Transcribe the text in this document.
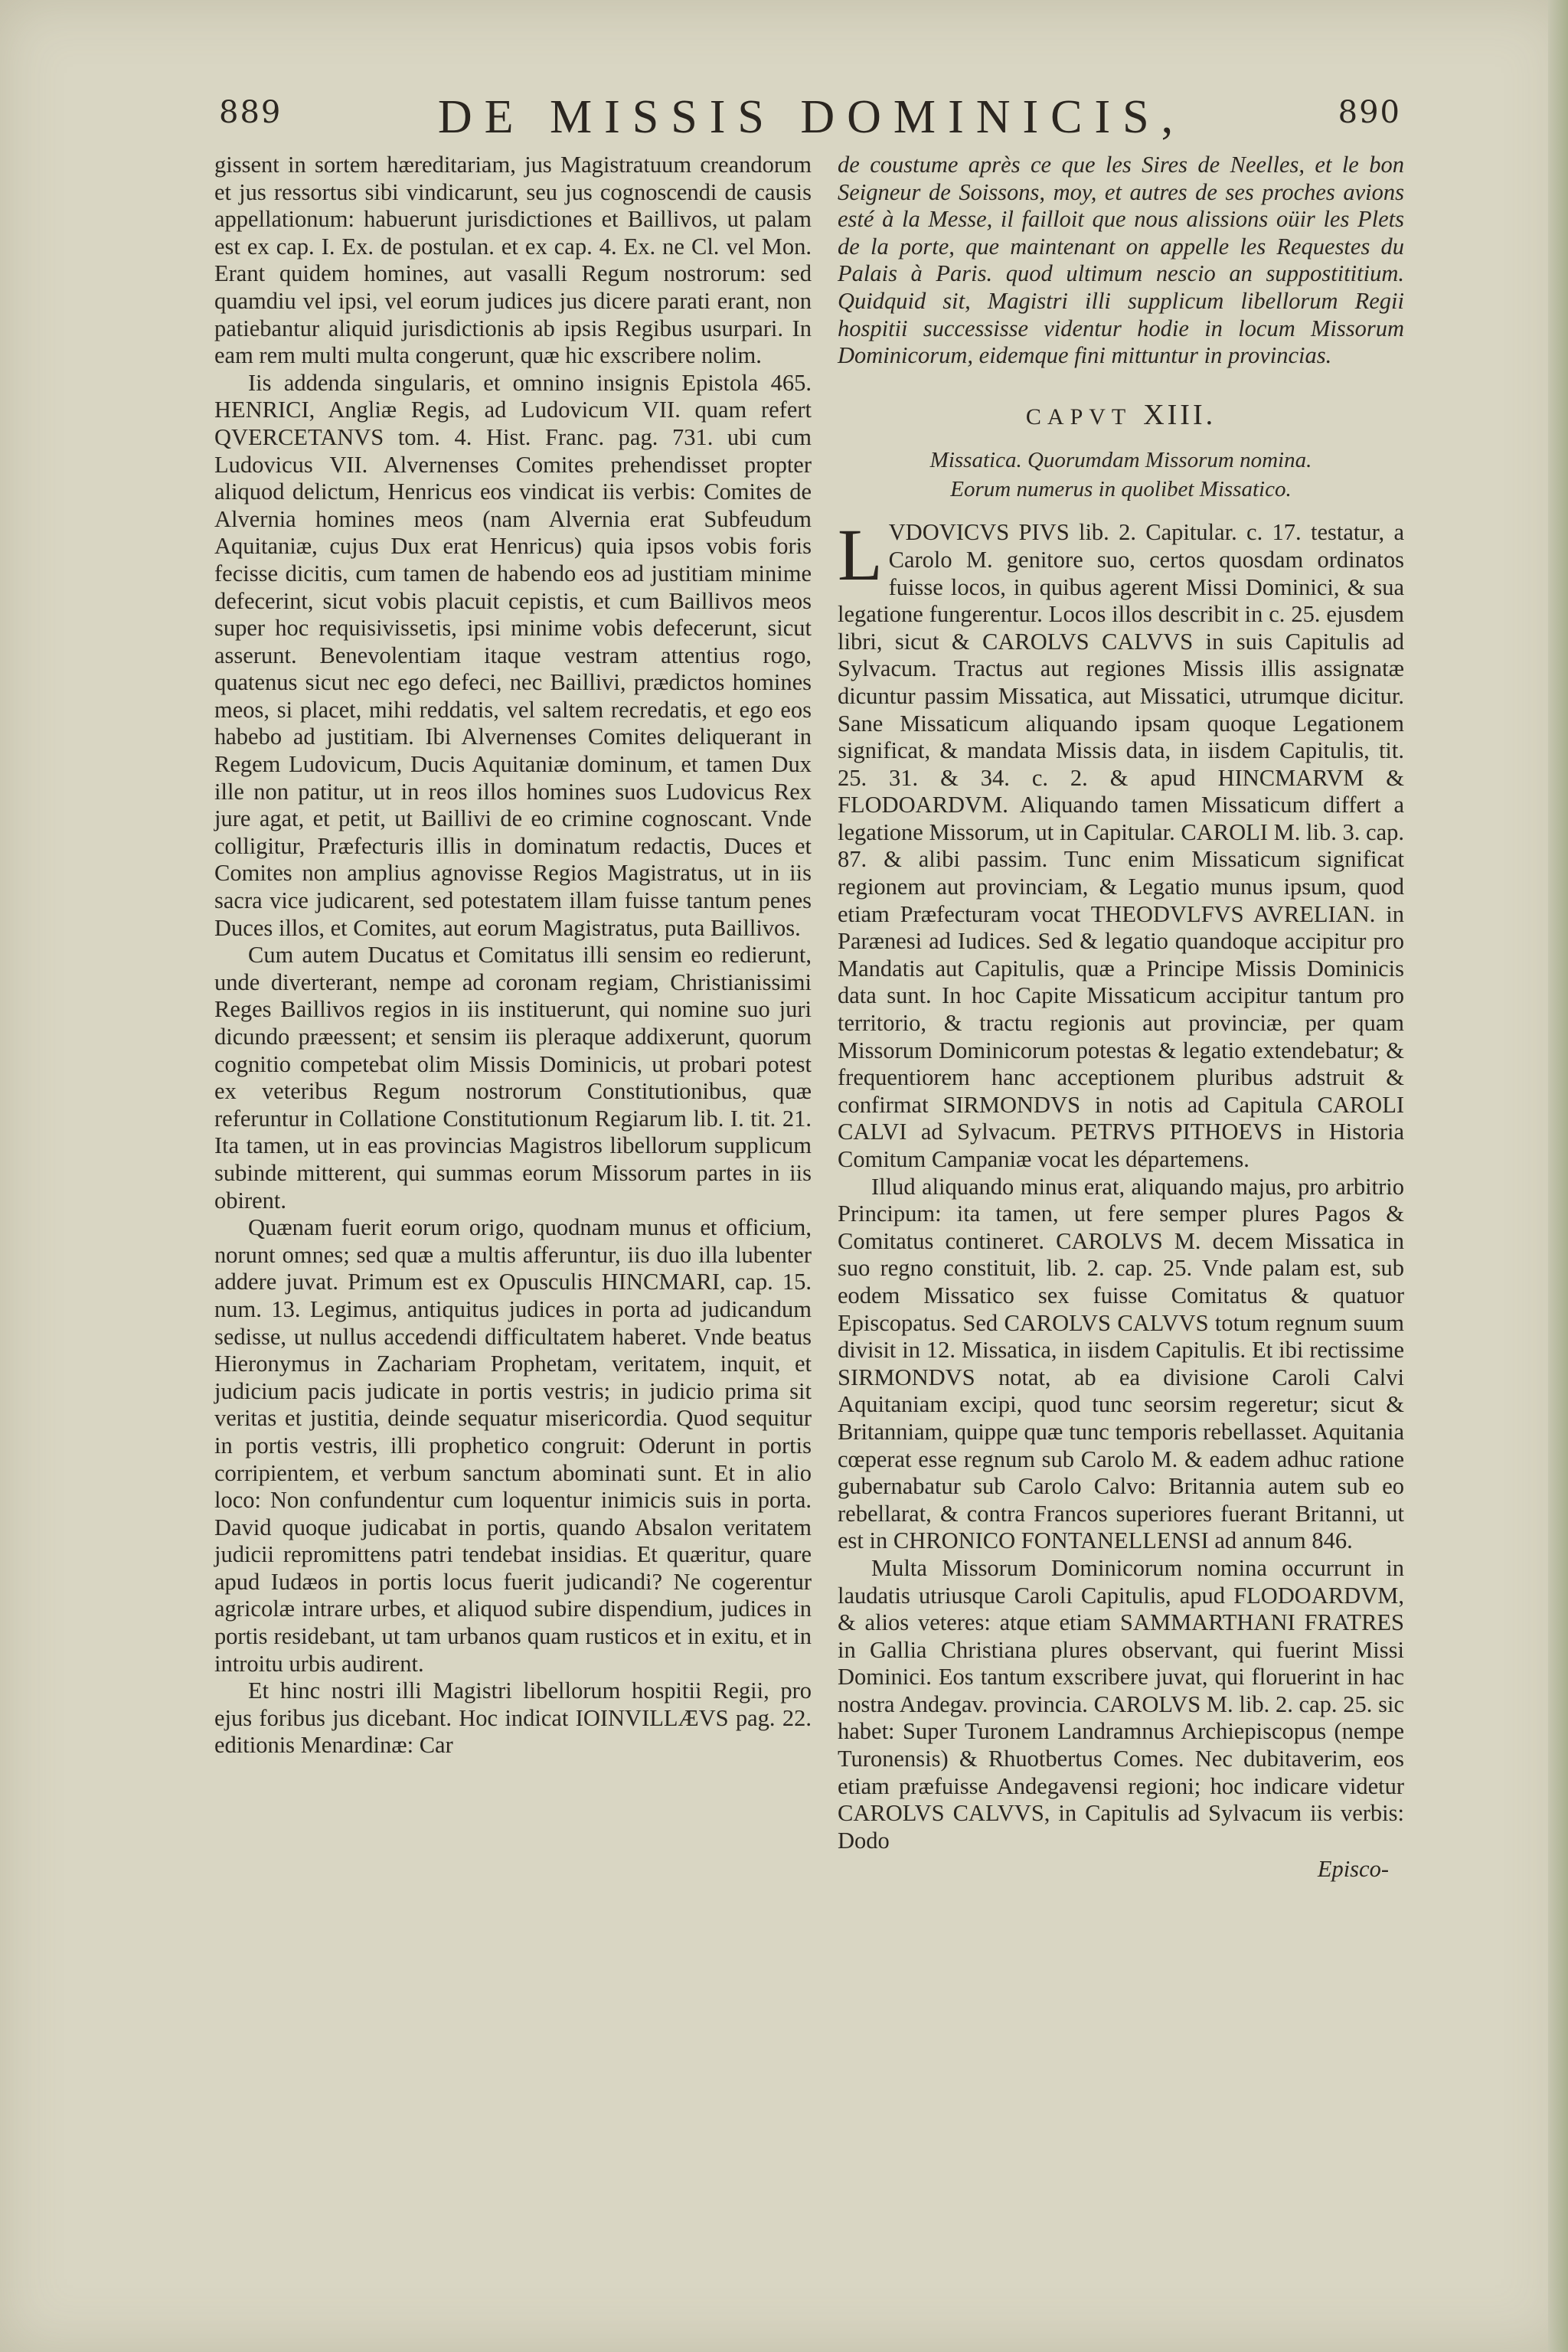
889	DE MISSIS DOMINICIS,	890

gissent in sortem hæreditariam, jus Magistratuum creandorum et jus ressortus sibi vindicarunt, seu jus cognoscendi de causis appellationum: habuerunt jurisdictiones et Baillivos, ut palam est ex cap. I. Ex. de postulan. et ex cap. 4. Ex. ne Cl. vel Mon. Erant quidem homines, aut vasalli Regum nostrorum: sed quamdiu vel ipsi, vel eorum judices jus dicere parati erant, non patiebantur aliquid jurisdictionis ab ipsis Regibus usurpari. In eam rem multi multa congerunt, quæ hic exscribere nolim.

Iis addenda singularis, et omnino insignis Epistola 465. HENRICI, Angliæ Regis, ad Ludovicum VII. quam refert QVERCETANVS tom. 4. Hist. Franc. pag. 731. ubi cum Ludovicus VII. Alvernenses Comites prehendisset propter aliquod delictum, Henricus eos vindicat iis verbis: Comites de Alvernia homines meos (nam Alvernia erat Subfeudum Aquitaniæ, cujus Dux erat Henricus) quia ipsos vobis foris fecisse dicitis, cum tamen de habendo eos ad justitiam minime defecerint, sicut vobis placuit cepistis, et cum Baillivos meos super hoc requisivissetis, ipsi minime vobis defecerunt, sicut asserunt. Benevolentiam itaque vestram attentius rogo, quatenus sicut nec ego defeci, nec Baillivi, prædictos homines meos, si placet, mihi reddatis, vel saltem recredatis, et ego eos habebo ad justitiam. Ibi Alvernenses Comites deliquerant in Regem Ludovicum, Ducis Aquitaniæ dominum, et tamen Dux ille non patitur, ut in reos illos homines suos Ludovicus Rex jure agat, et petit, ut Baillivi de eo crimine cognoscant. Vnde colligitur, Præfecturis illis in dominatum redactis, Duces et Comites non amplius agnovisse Regios Magistratus, ut in iis sacra vice judicarent, sed potestatem illam fuisse tantum penes Duces illos, et Comites, aut eorum Magistratus, puta Baillivos.

Cum autem Ducatus et Comitatus illi sensim eo redierunt, unde diverterant, nempe ad coronam regiam, Christianissimi Reges Baillivos regios in iis instituerunt, qui nomine suo juri dicundo præessent; et sensim iis pleraque addixerunt, quorum cognitio competebat olim Missis Dominicis, ut probari potest ex veteribus Regum nostrorum Constitutionibus, quæ referuntur in Collatione Constitutionum Regiarum lib. I. tit. 21. Ita tamen, ut in eas provincias Magistros libellorum supplicum subinde mitterent, qui summas eorum Missorum partes in iis obirent.

Quænam fuerit eorum origo, quodnam munus et officium, norunt omnes; sed quæ a multis afferuntur, iis duo illa lubenter addere juvat. Primum est ex Opusculis HINCMARI, cap. 15. num. 13. Legimus, antiquitus judices in porta ad judicandum sedisse, ut nullus accedendi difficultatem haberet. Vnde beatus Hieronymus in Zachariam Prophetam, veritatem, inquit, et judicium pacis judicate in portis vestris; in judicio prima sit veritas et justitia, deinde sequatur misericordia. Quod sequitur in portis vestris, illi prophetico congruit: Oderunt in portis corripientem, et verbum sanctum abominati sunt. Et in alio loco: Non confundentur cum loquentur inimicis suis in porta. David quoque judicabat in portis, quando Absalon veritatem judicii repromittens patri tendebat insidias. Et quæritur, quare apud Iudæos in portis locus fuerit judicandi? Ne cogerentur agricolæ intrare urbes, et aliquod subire dispendium, judices in portis residebant, ut tam urbanos quam rusticos et in exitu, et in introitu urbis audirent.

Et hinc nostri illi Magistri libellorum hospitii Regii, pro ejus foribus jus dicebant. Hoc indicat IOINVILLÆVS pag. 22. editionis Menardinæ: Car

de coustume après ce que les Sires de Neelles, et le bon Seigneur de Soissons, moy, et autres de ses proches avions esté à la Messe, il failloit que nous alissions oüir les Plets de la porte, que maintenant on appelle les Requestes du Palais à Paris. quod ultimum nescio an suppostititium. Quidquid sit, Magistri illi supplicum libellorum Regii hospitii successisse videntur hodie in locum Missorum Dominicorum, eidemque fini mittuntur in provincias.

CAPVT XIII.
Missatica. Quorumdam Missorum nomina.
Eorum numerus in quolibet Missatico.

L VDOVICVS PIVS lib. 2. Capitular. c. 17. testatur, a Carolo M. genitore suo, certos quosdam ordinatos fuisse locos, in quibus agerent Missi Dominici, & sua legatione fungerentur. Locos illos describit in c. 25. ejusdem libri, sicut & CAROLVS CALVVS in suis Capitulis ad Sylvacum. Tractus aut regiones Missis illis assignatæ dicuntur passim Missatica, aut Missatici, utrumque dicitur. Sane Missaticum aliquando ipsam quoque Legationem significat, & mandata Missis data, in iisdem Capitulis, tit. 25. 31. & 34. c. 2. & apud HINCMARVM & FLODOARDVM. Aliquando tamen Missaticum differt a legatione Missorum, ut in Capitular. CAROLI M. lib. 3. cap. 87. & alibi passim. Tunc enim Missaticum significat regionem aut provinciam, & Legatio munus ipsum, quod etiam Præfecturam vocat THEODVLFVS AVRELIAN. in Parænesi ad Iudices. Sed & legatio quandoque accipitur pro Mandatis aut Capitulis, quæ a Principe Missis Dominicis data sunt. In hoc Capite Missaticum accipitur tantum pro territorio, & tractu regionis aut provinciæ, per quam Missorum Dominicorum potestas & legatio extendebatur; & frequentiorem hanc acceptionem pluribus adstruit & confirmat SIRMONDVS in notis ad Capitula CAROLI CALVI ad Sylvacum. PETRVS PITHOEVS in Historia Comitum Campaniæ vocat les départemens.

Illud aliquando minus erat, aliquando majus, pro arbitrio Principum: ita tamen, ut fere semper plures Pagos & Comitatus contineret. CAROLVS M. decem Missatica in suo regno constituit, lib. 2. cap. 25. Vnde palam est, sub eodem Missatico sex fuisse Comitatus & quatuor Episcopatus. Sed CAROLVS CALVVS totum regnum suum divisit in 12. Missatica, in iisdem Capitulis. Et ibi rectissime SIRMONDVS notat, ab ea divisione Caroli Calvi Aquitaniam excipi, quod tunc seorsim regeretur; sicut & Britanniam, quippe quæ tunc temporis rebellasset. Aquitania cœperat esse regnum sub Carolo M. & eadem adhuc ratione gubernabatur sub Carolo Calvo: Britannia autem sub eo rebellarat, & contra Francos superiores fuerant Britanni, ut est in CHRONICO FONTANELLENSI ad annum 846.

Multa Missorum Dominicorum nomina occurrunt in laudatis utriusque Caroli Capitulis, apud FLODOARDVM, & alios veteres: atque etiam SAMMARTHANI FRATRES in Gallia Christiana plures observant, qui fuerint Missi Dominici. Eos tantum exscribere juvat, qui floruerint in hac nostra Andegav. provincia. CAROLVS M. lib. 2. cap. 25. sic habet: Super Turonem Landramnus Archiepiscopus (nempe Turonensis) & Rhuotbertus Comes. Nec dubitaverim, eos etiam præfuisse Andegavensi regioni; hoc indicare videtur CAROLVS CALVVS, in Capitulis ad Sylvacum iis verbis: Dodo

Episco-
